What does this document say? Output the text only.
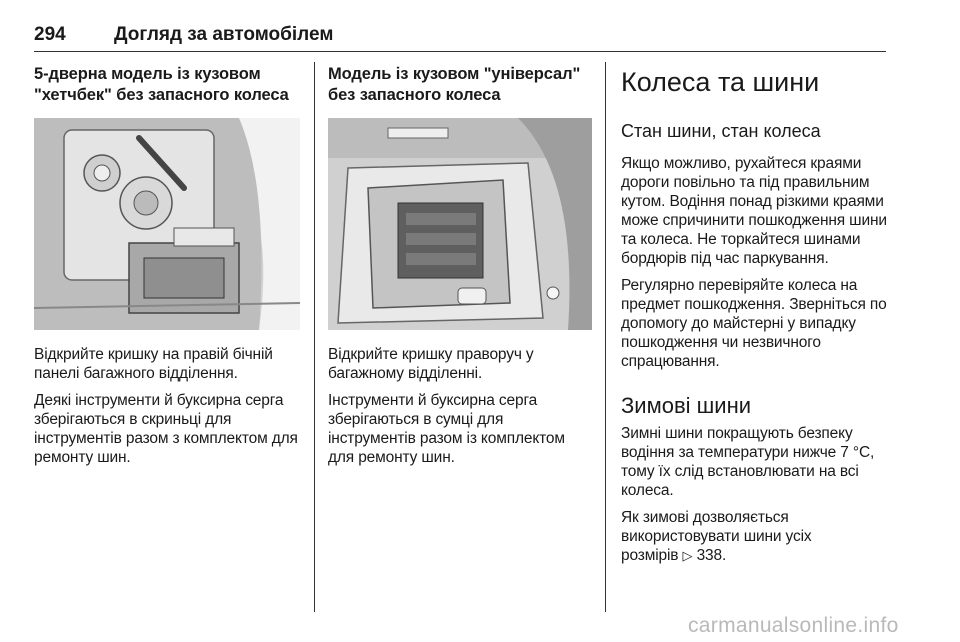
294	Догляд за автомобілем
5-дверна модель із кузовом "хетчбек" без запасного колеса

Відкрийте кришку на правій бічній панелі багажного відділення.

Деякі інструменти й буксирна серга зберігаються в скриньці для інструментів разом з комплектом для ремонту шин.

Модель із кузовом "універсал" без запасного колеса

Відкрийте кришку праворуч у багажному відділенні.

Інструменти й буксирна серга зберігаються в сумці для інструментів разом із комплектом для ремонту шин.

Колеса та шини
Стан шини, стан колеса

Якщо можливо, рухайтеся краями дороги повільно та під правильним кутом. Водіння понад різкими краями може спричинити пошкодження шини та колеса. Не торкайтеся шинами бордюрів під час паркування.

Регулярно перевіряйте колеса на предмет пошкодження. Зверніться по допомогу до майстерні у випадку пошкодження чи незвичного спрацювання.

Зимові шини

Зимні шини покращують безпеку водіння за температури нижче 7 °C, тому їх слід встановлювати на всі колеса.

Як зимові дозволяється використовувати шини усіх
розмірів ▷ 338.

carmanualsonline.info
